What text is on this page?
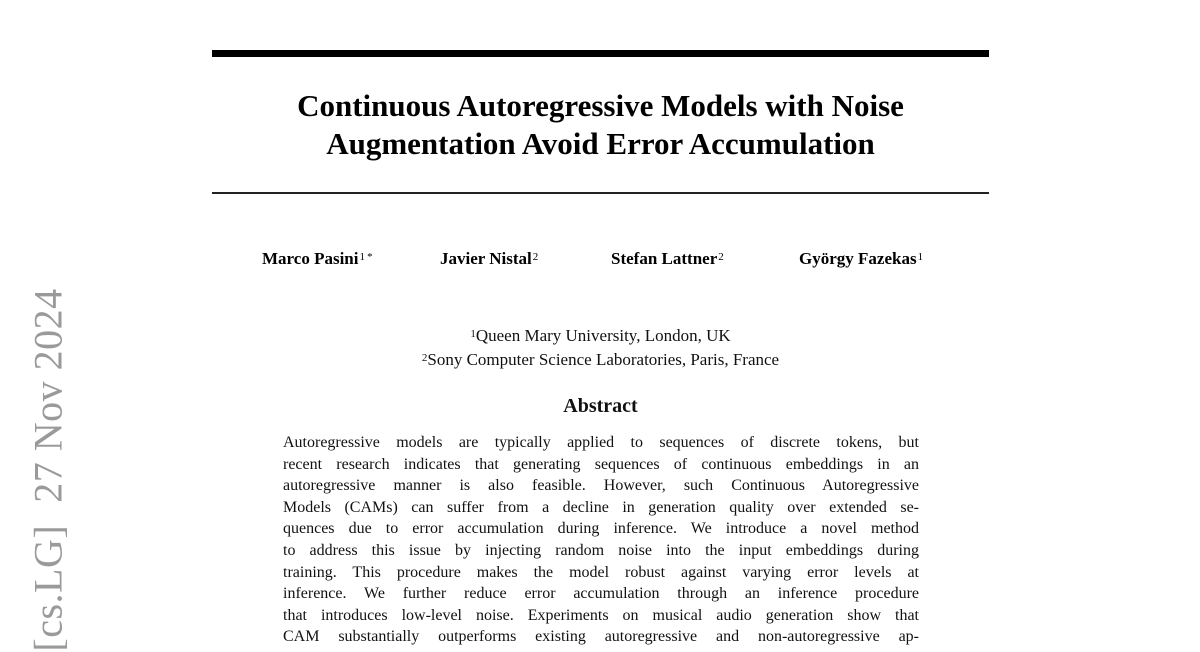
[cs.LG]27 Nov 2024
Continuous Autoregressive Models with Noise
Augmentation Avoid Error Accumulation
Marco Pasini$^{1 *}$	Javier Nistal$^2$	Stefan Lattner$^2$	György Fazekas$^1$
$^1$Queen Mary University, London, UK
$^2$Sony Computer Science Laboratories, Paris, France
Abstract
Autoregressive models are typically applied to sequences of discrete tokens, but
recent research indicates that generating sequences of continuous embeddings in an
autoregressive manner is also feasible. However, such Continuous Autoregressive
Models (CAMs) can suffer from a decline in generation quality over extended se-
quences due to error accumulation during inference. We introduce a novel method
to address this issue by injecting random noise into the input embeddings during
training. This procedure makes the model robust against varying error levels at
inference. We further reduce error accumulation through an inference procedure
that introduces low-level noise. Experiments on musical audio generation show that
CAM substantially outperforms existing autoregressive and non-autoregressive ap-
